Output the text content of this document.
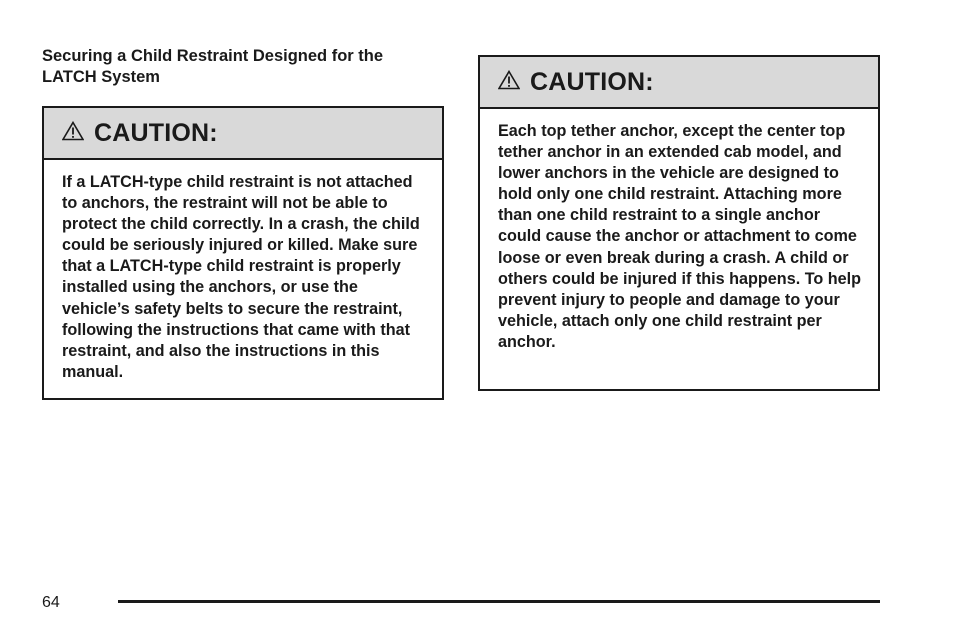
Securing a Child Restraint Designed for the LATCH System
CAUTION:

If a LATCH-type child restraint is not attached to anchors, the restraint will not be able to protect the child correctly. In a crash, the child could be seriously injured or killed. Make sure that a LATCH-type child restraint is properly installed using the anchors, or use the vehicle’s safety belts to secure the restraint, following the instructions that came with that restraint, and also the instructions in this manual.

CAUTION:

Each top tether anchor, except the center top tether anchor in an extended cab model, and lower anchors in the vehicle are designed to hold only one child restraint. Attaching more than one child restraint to a single anchor could cause the anchor or attachment to come loose or even break during a crash. A child or others could be injured if this happens. To help prevent injury to people and damage to your vehicle, attach only one child restraint per anchor.

64
